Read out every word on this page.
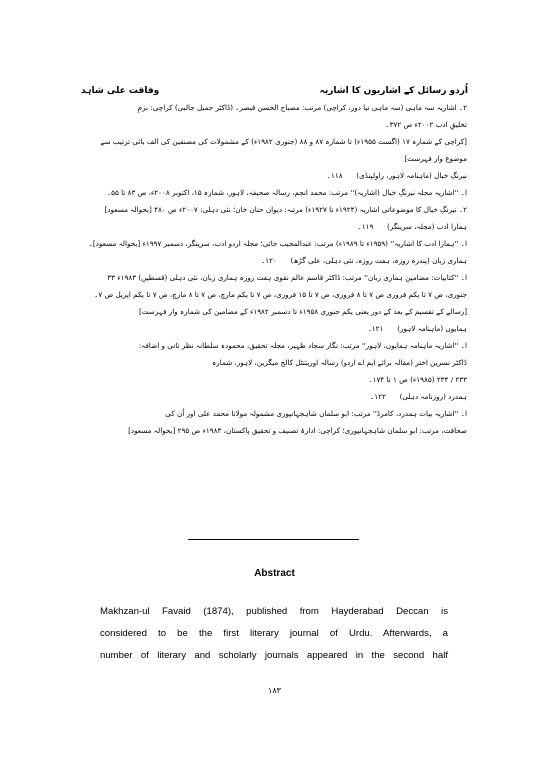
وفاقت علی شاہد	اُردو رسائل کے اشاریوں کا اشاریہ
۲۔ اشاریہ سہ ماہی (سہ ماہی نیا دور، کراچی) مرتب: مصباح الحسن قیصر۔ (ڈاکٹر جمیل جالبی) کراچی: بزمِ
تخلیقِ ادب ۲۰۰۲ء ص ۳۷۲۔
[کراچی کے شمارہ ۱۷ (اگست ۱۹۵۵ء) تا شمارہ ۸۷ و ۸۸ (جنوری ۱۹۸۲ء) کے مشمولات کی مصنفین کی الف بائی ترتیب سے
موضوع وار فہرست]
نیرنگِ خیال (ماہنامہ لاہور، راولپنڈی)      ۱۱۸۔
ا۔ ''اشاریہ مجلہ نیرنگِ خیال (اشاریہ)'' مرتب: محمد انجم، رسالہ صحیفہ، لاہور، شمارہ ۱۵، اکتوبر ۲۰۰۸ء، ص ۸۳ تا ۵۵۔
۲۔ نیرنگِ خیال کا موضوعاتی اشاریہ (۱۹۲۴ء تا ۱۹۲۷ء) مرتبہ: دیوان حنان خان؛ نئی دہلی: ۲۰۰۷ء ص ۴۸۰ [بحوالہ مسعود]
ہمارا ادب (مجلہ، سرینگر)      ۱۱۹۔
ا۔ ''ہمارا ادب کا اشاریہ'' (۱۹۵۹ء تا ۱۹۸۹ء) مرتب: عبدالمجیب جائی؛ مجلہ اردو ادب، سرینگر، دسمبر ۱۹۹۷ء [بحوالہ مسعود]۔
ہماری زبان (پندرہ روزہ، ہفت روزہ، نئی دہلی، علی گڑھ)      ۱۲۰۔
ا۔ ''کتابیات: مضامین ہماری زبان'' مرتب: ڈاکٹر قاسم عالم نقوی ہفت روزہ ہماری زبان، نئی دہلی (قسطیں) ۱۹۸۳ء ۳۳
جنوری، ص ۷ تا یکم فروری ص ۷ تا ۸ فروری، ص ۷ تا ۱۵ فروری، ص ۷ تا یکم مارچ، ص ۷ تا ۸ مارچ، ص ۷ تا یکم اپریل ص ۷۔
[رسالے کے تقسیم کے بعد کے دور یعنی یکم جنوری ۱۹۵۸ء تا دسمبر ۱۹۸۲ء کے مضامین کی شمارہ وار فہرست]
ہمایوں (ماہنامہ لاہور)      ۱۲۱۔
ا۔ ''اشاریہ ماہنامہ ہمایوں، لاہور'' مرتب: نگار سجاد ظہیر، مجلہ تحقیق، محمودہ سلطانہ نظر ثانی و اضافہ:
ڈاکٹر نسرین اختر (مقالہ برائے ایم اے اردو) رسالہ اوریئنٹل کالج میگزین، لاہور، شمارہ
۲۳۳ / ۲۳۴ (۱۹۸۵ء) ص ۱ تا ۱۷۴۔
ہمدرد (روزنامہ دہلی)      ۱۲۲۔
ا۔ ''اشاریہ بیات ہمدرد، کامرڈ'' مرتب: ابو سلمان شاہجہانپوری مشمولہ مولانا محمد علی اور اُن کی
صحافت، مرتب: ابو سلمان شاہجہانپوری؛ کراچی: ادارۂ تصنیف و تحقیق پاکستان، ۱۹۸۳ء ص ۲۹۵ [بحوالہ مسعود]
Abstract
Makhzan-ul Favaid (1874), published from Hayderabad Deccan is
considered to be the first literary journal of Urdu. Afterwards, a
number of literary and scholarly journals appeared in the second half
۱۸۳
